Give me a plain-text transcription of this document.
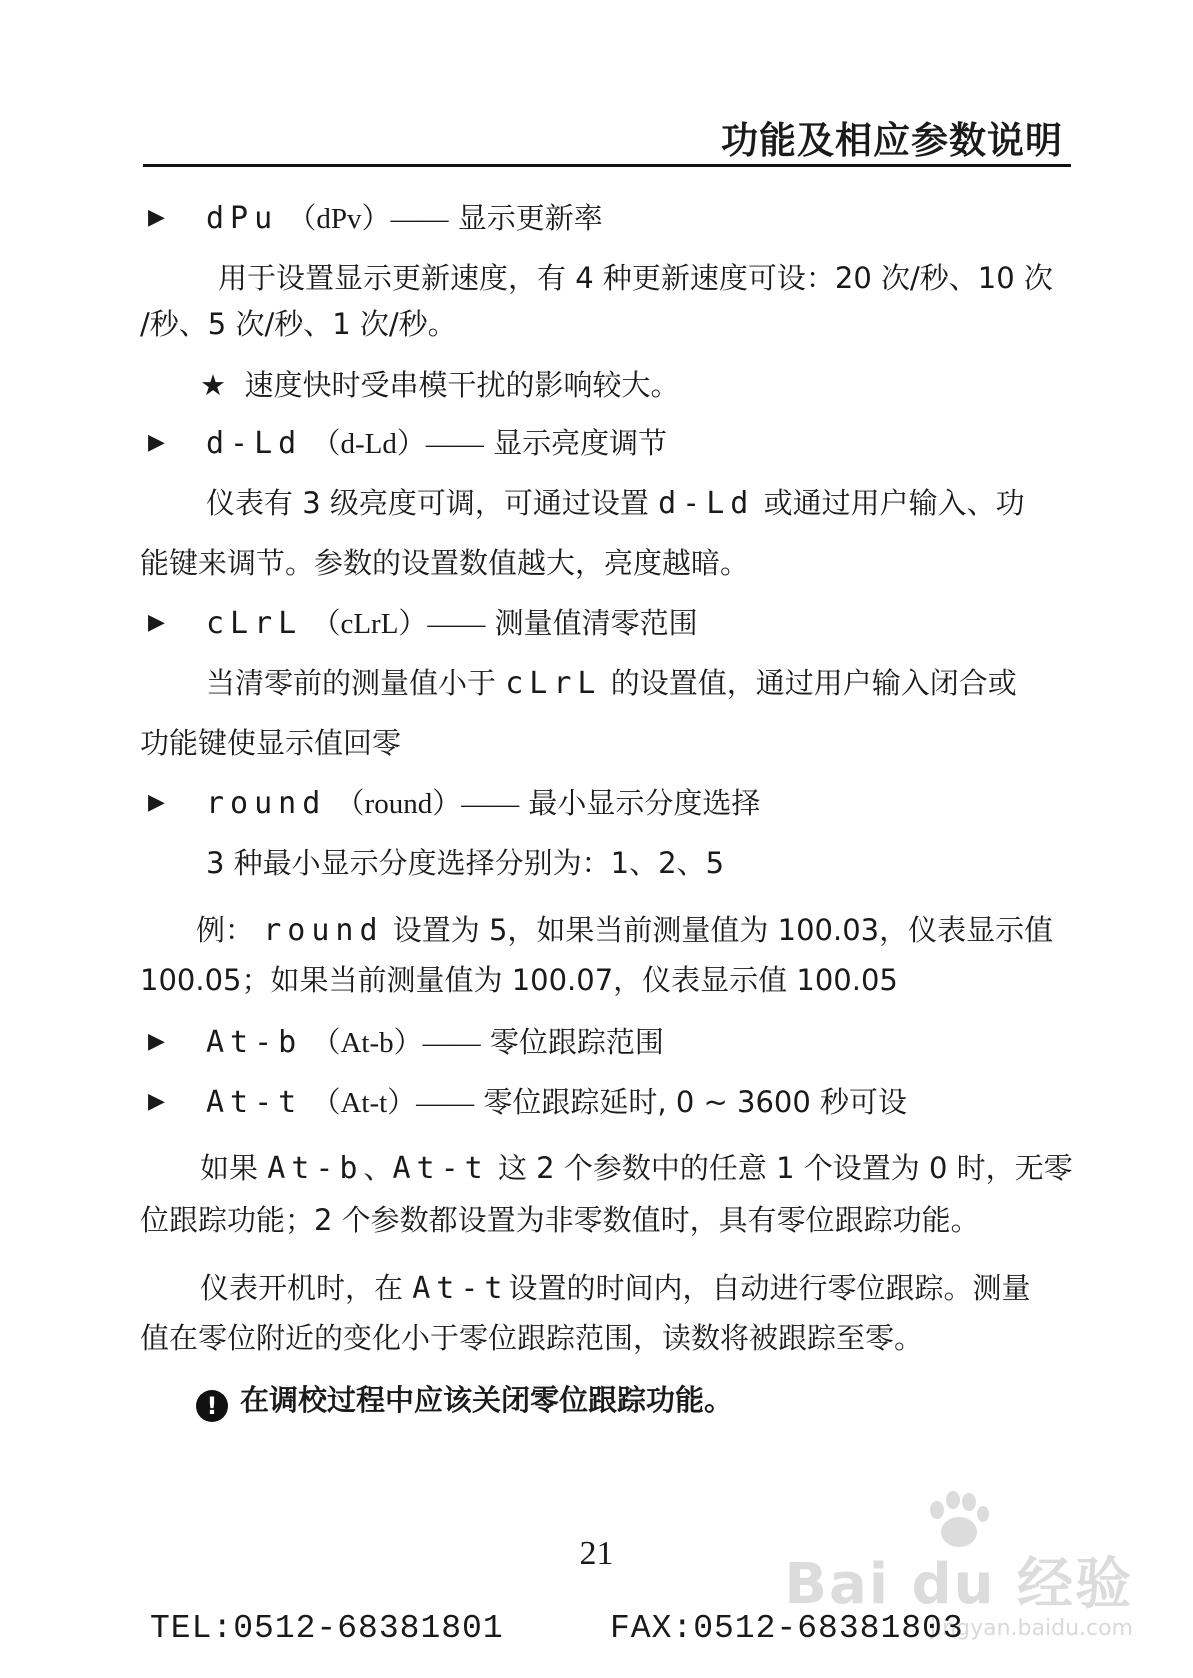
功能及相应参数说明
▶ dPu （dPv）—— 显示更新率
用于设置显示更新速度，有 4 种更新速度可设：20 次/秒、10 次
/秒、5 次/秒、1 次/秒。
★ 速度快时受串模干扰的影响较大。
▶ d-Ld （d-Ld）—— 显示亮度调节
仪表有 3 级亮度可调，可通过设置 d-Ld 或通过用户输入、功
能键来调节。参数的设置数值越大，亮度越暗。
▶ cLrL （cLrL）—— 测量值清零范围
当清零前的测量值小于 cLrL 的设置值，通过用户输入闭合或
功能键使显示值回零
▶ round （round）—— 最小显示分度选择
3 种最小显示分度选择分别为：1、2、5
例： round 设置为 5，如果当前测量值为 100.03，仪表显示值
100.05；如果当前测量值为 100.07，仪表显示值 100.05
▶ At-b （At-b）—— 零位跟踪范围
▶ At-t （At-t）—— 零位跟踪延时, 0 ~ 3600 秒可设
如果 At-b、At-t 这 2 个参数中的任意 1 个设置为 0 时，无零
位跟踪功能；2 个参数都设置为非零数值时，具有零位跟踪功能。
仪表开机时，在 At-t设置的时间内，自动进行零位跟踪。测量
值在零位附近的变化小于零位跟踪范围，读数将被跟踪至零。
! 在调校过程中应该关闭零位跟踪功能。
21	Bai du 经验
jingyan.baidu.com
TEL:0512-68381801	FAX:0512-68381803
